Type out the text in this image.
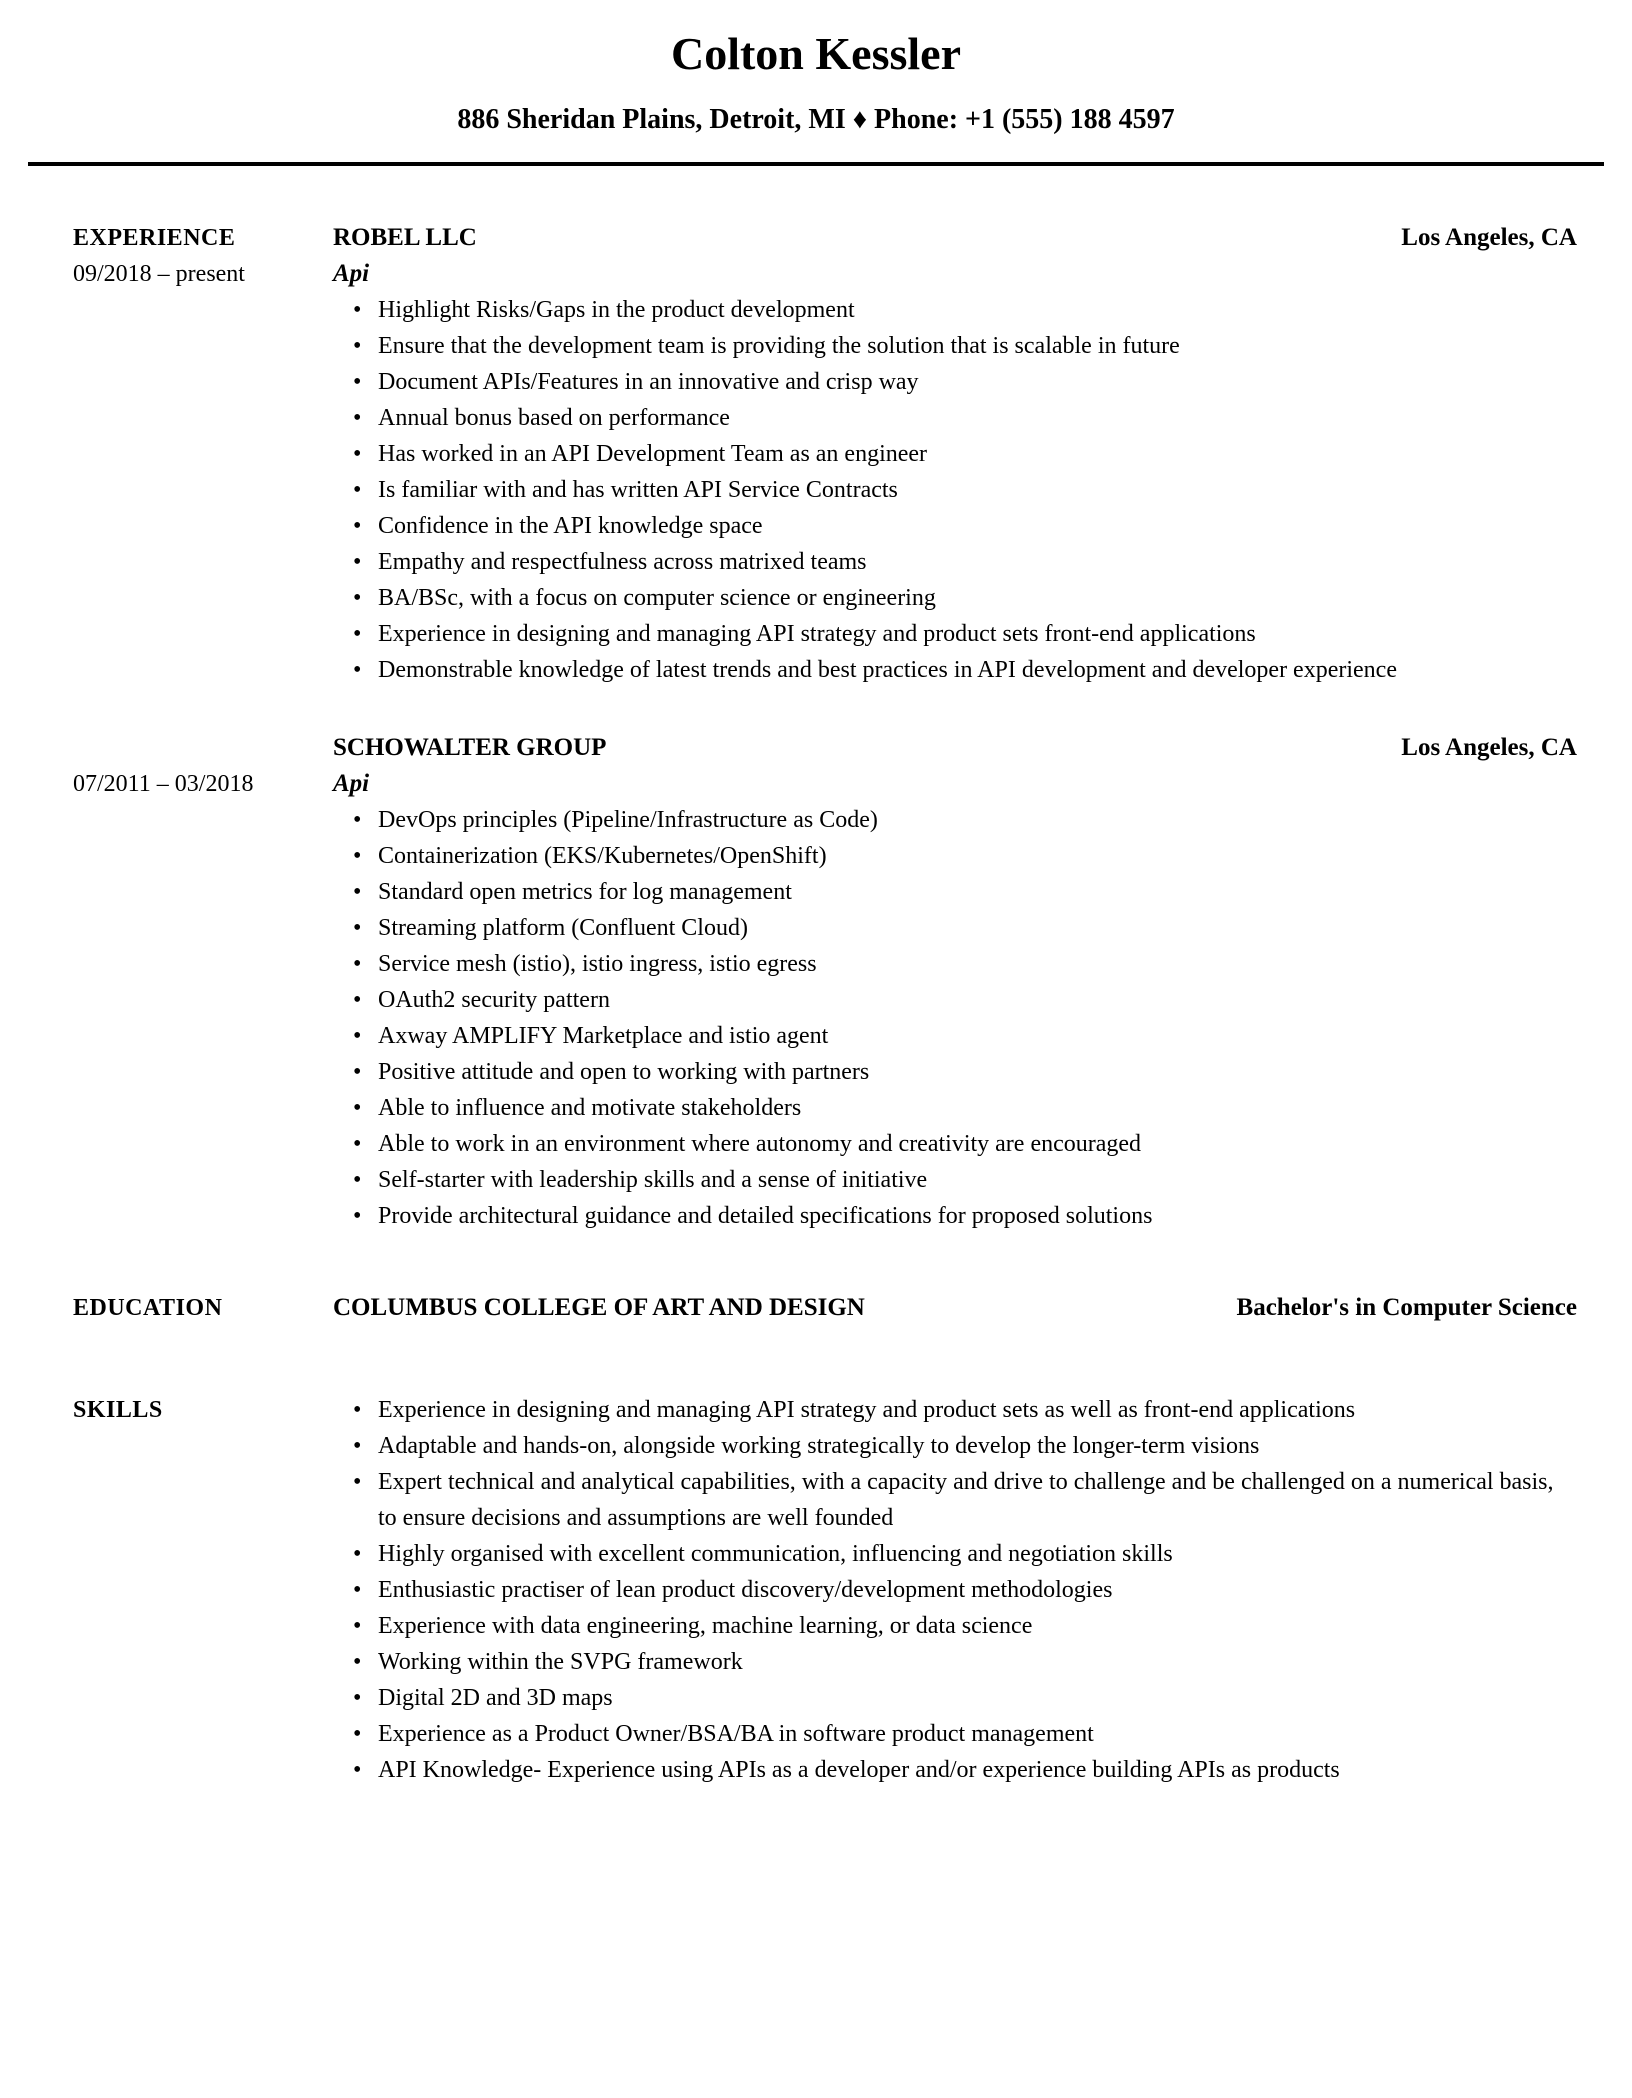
Colton Kessler
886 Sheridan Plains, Detroit, MI ♦ Phone: +1 (555) 188 4597
EXPERIENCE	ROBEL LLC	Los Angeles, CA
09/2018 – present	Api
• Highlight Risks/Gaps in the product development
• Ensure that the development team is providing the solution that is scalable in future
• Document APIs/Features in an innovative and crisp way
• Annual bonus based on performance
• Has worked in an API Development Team as an engineer
• Is familiar with and has written API Service Contracts
• Confidence in the API knowledge space
• Empathy and respectfulness across matrixed teams
• BA/BSc, with a focus on computer science or engineering
• Experience in designing and managing API strategy and product sets front-end applications
• Demonstrable knowledge of latest trends and best practices in API development and developer experience
SCHOWALTER GROUP	Los Angeles, CA
07/2011 – 03/2018	Api
• DevOps principles (Pipeline/Infrastructure as Code)
• Containerization (EKS/Kubernetes/OpenShift)
• Standard open metrics for log management
• Streaming platform (Confluent Cloud)
• Service mesh (istio), istio ingress, istio egress
• OAuth2 security pattern
• Axway AMPLIFY Marketplace and istio agent
• Positive attitude and open to working with partners
• Able to influence and motivate stakeholders
• Able to work in an environment where autonomy and creativity are encouraged
• Self-starter with leadership skills and a sense of initiative
• Provide architectural guidance and detailed specifications for proposed solutions
EDUCATION	COLUMBUS COLLEGE OF ART AND DESIGN	Bachelor's in Computer Science
SKILLS	• Experience in designing and managing API strategy and product sets as well as front-end applications
• Adaptable and hands-on, alongside working strategically to develop the longer-term visions
• Expert technical and analytical capabilities, with a capacity and drive to challenge and be challenged on a numerical basis, to ensure decisions and assumptions are well founded
• Highly organised with excellent communication, influencing and negotiation skills
• Enthusiastic practiser of lean product discovery/development methodologies
• Experience with data engineering, machine learning, or data science
• Working within the SVPG framework
• Digital 2D and 3D maps
• Experience as a Product Owner/BSA/BA in software product management
• API Knowledge- Experience using APIs as a developer and/or experience building APIs as products
